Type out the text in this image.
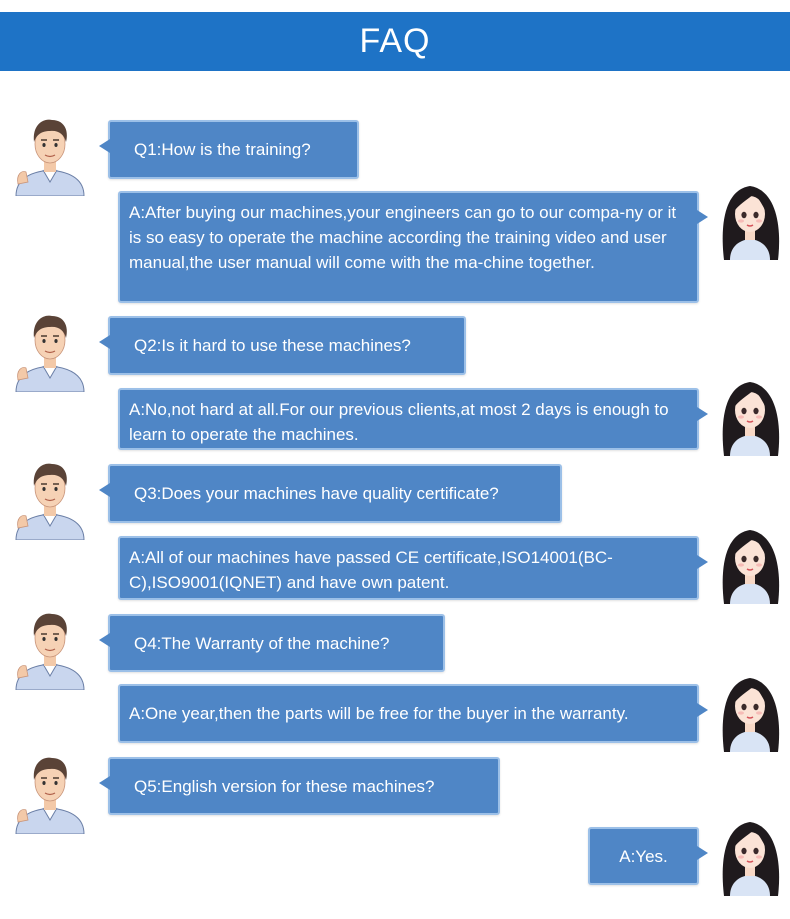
FAQ
Q1:How is the training?
A:After buying our machines,your engineers can go to our compa-ny or it is so easy to operate the machine according the training video and user manual,the user manual will come with the ma-chine together.
Q2:Is it hard to use these machines?
A:No,not hard at all.For our previous clients,at most 2 days is enough to learn to operate the machines.
Q3:Does your machines have quality certificate?
A:All of our machines have passed CE certificate,ISO14001(BC-C),ISO9001(IQNET) and have own patent.
Q4:The Warranty of the machine?
A:One year,then the parts will be free for the buyer in the warranty.
Q5:English version for these machines?
A:Yes.
